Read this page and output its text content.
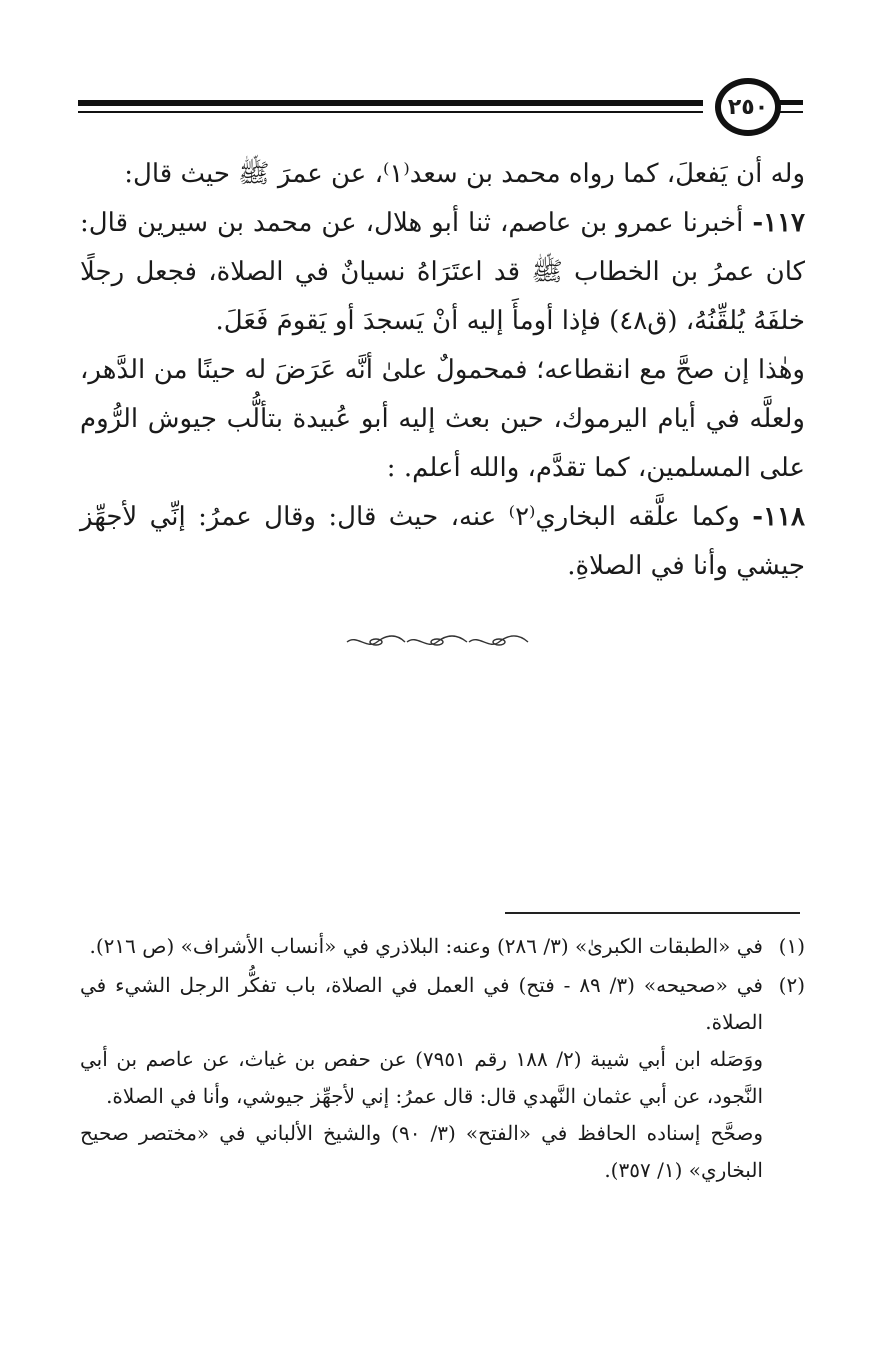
٢٥٠

وله أن يَفعلَ، كما رواه محمد بن سعد⁽١⁾، عن عمرَ ﷺ حيث قال:

١١٧- أخبرنا عمرو بن عاصم، ثنا أبو هلال، عن محمد بن سيرين قال: كان عمرُ بن الخطاب ﷺ قد اعتَرَاهُ نسيانٌ في الصلاة، فجعل رجلًا خلفَهُ يُلقِّنُهُ، (ق٤٨) فإذا أومأَ إليه أنْ يَسجدَ أو يَقومَ فَعَلَ.

وهٰذا إن صحَّ مع انقطاعه؛ فمحمولٌ علىٰ أنَّه عَرَضَ له حينًا من الدَّهر، ولعلَّه في أيام اليرموك، حين بعث إليه أبو عُبيدة بتألُّب جيوش الرُّوم على المسلمين، كما تقدَّم، والله أعلم. :

١١٨- وكما علَّقه البخاري⁽٢⁾ عنه، حيث قال: وقال عمرُ: إنِّي لأجهِّز جيشي وأنا في الصلاةِ.

(١)

في «الطبقات الكبرىٰ» (٣/ ٢٨٦) وعنه: البلاذري في «أنساب الأشراف» (ص ٢١٦).

(٢)

في «صحيحه» (٣/ ٨٩ - فتح) في العمل في الصلاة، باب تفكُّر الرجل الشيء في الصلاة.

ووَصَله ابن أبي شيبة (٢/ ١٨٨ رقم ٧٩٥١) عن حفص بن غياث، عن عاصم بن أبي النَّجود، عن أبي عثمان النَّهدي قال: قال عمرُ: إني لأجهِّز جيوشي، وأنا في الصلاة.

وصحَّح إسناده الحافظ في «الفتح» (٣/ ٩٠) والشيخ الألباني في «مختصر صحيح البخاري» (١/ ٣٥٧).
